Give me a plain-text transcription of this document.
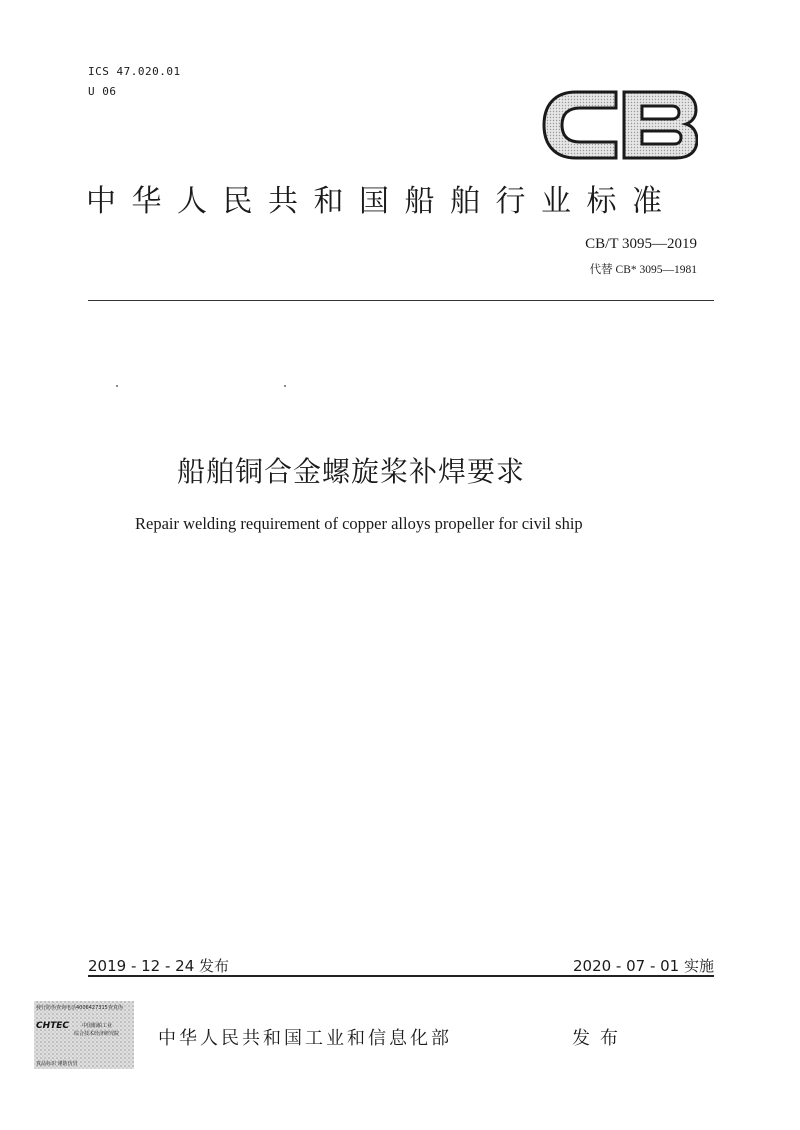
ICS 47.020.01
U 06
中华人民共和国船舶行业标准
CB/T 3095—2019
代替 CB* 3095—1981
船舶铜合金螺旋桨补焊要求
Repair welding requirement of copper alloys propeller for civil ship
2019 - 12 - 24 发布	2020 - 07 - 01 实施
中华人民共和国工业和信息化部	发布
發行防伪查询电话4006427315查真伪
CHTEC	中国船舶工业
综合技术经济研究院
真品标识 谨防仿冒
